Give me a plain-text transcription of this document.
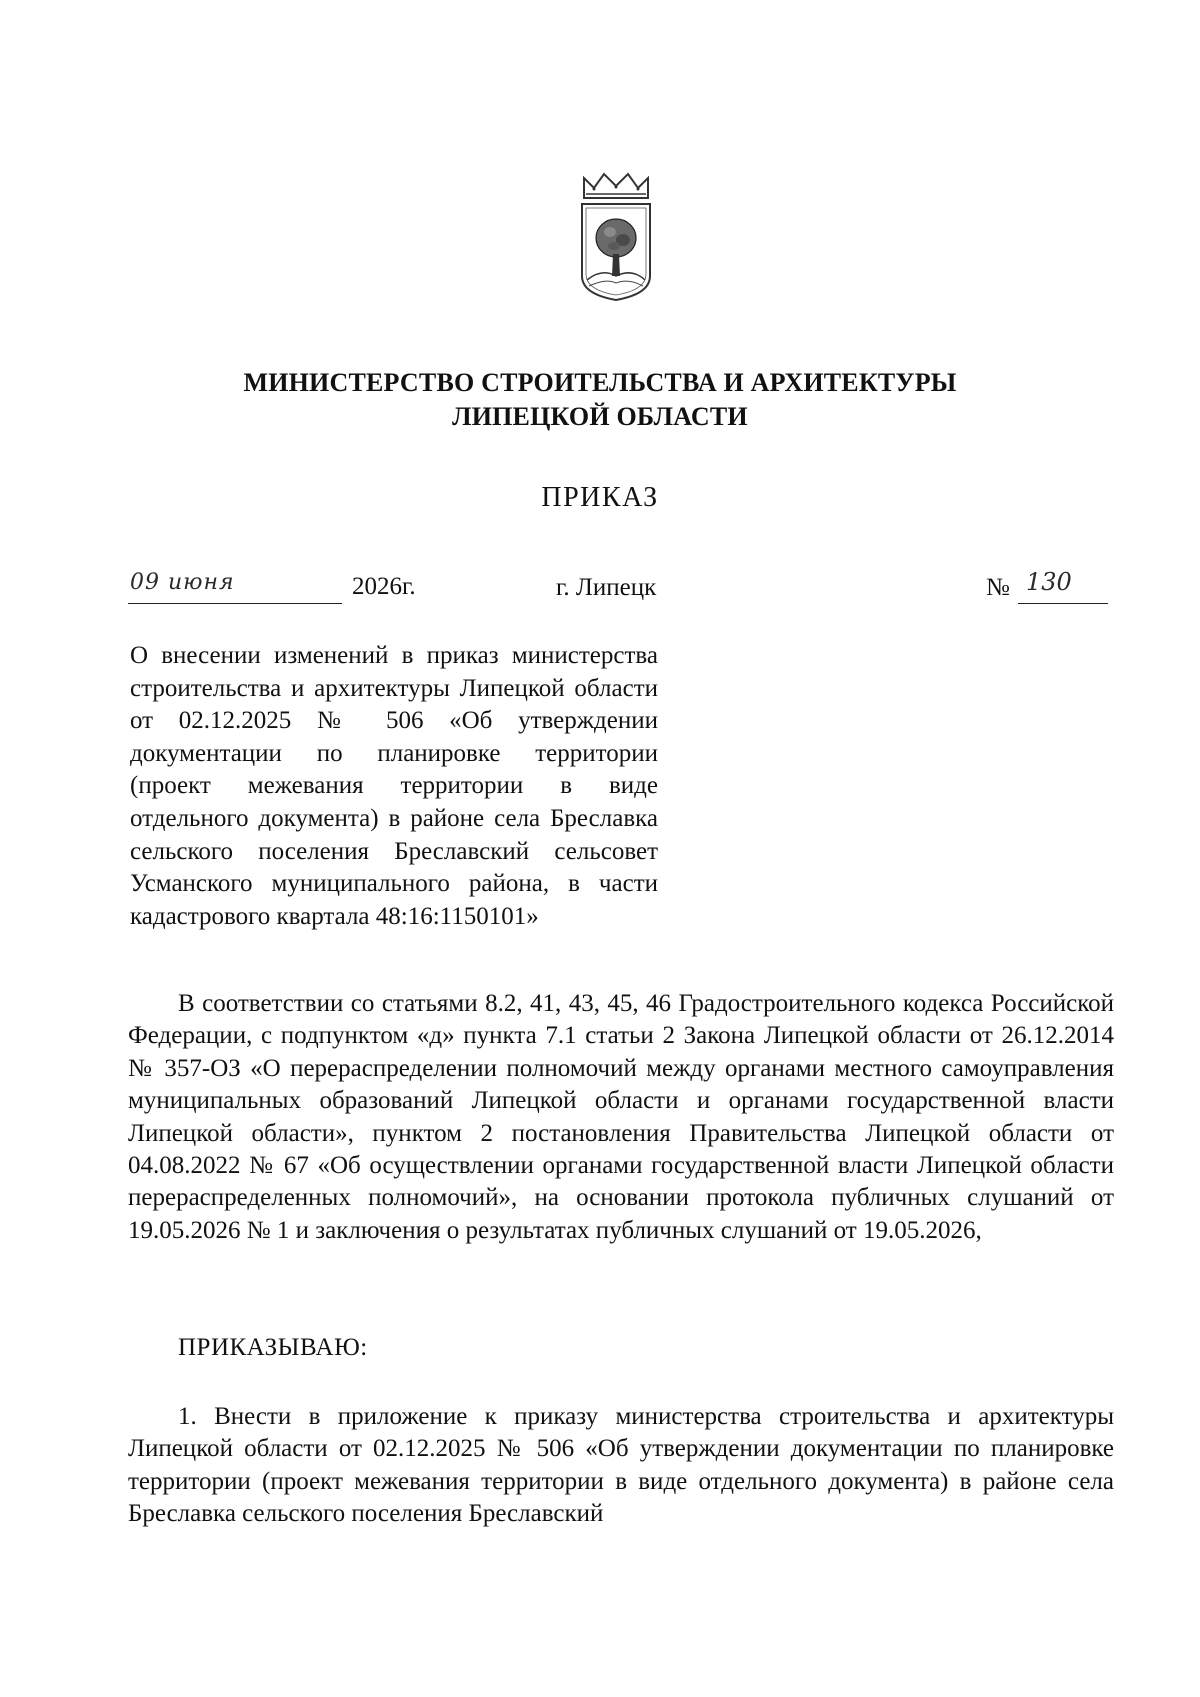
МИНИСТЕРСТВО СТРОИТЕЛЬСТВА И АРХИТЕКТУРЫ
ЛИПЕЦКОЙ ОБЛАСТИ
ПРИКАЗ
09 июня	2026г.	г. Липецк	№ 130
О внесении изменений в приказ министерства строительства и архитектуры Липецкой области от 02.12.2025 № 506 «Об утверждении документации по планировке территории (проект межевания территории в виде отдельного документа) в районе села Бреславка сельского поселения Бреславский сельсовет Усманского муниципального района, в части кадастрового квартала 48:16:1150101»
В соответствии со статьями 8.2, 41, 43, 45, 46 Градостроительного кодекса Российской Федерации, с подпунктом «д» пункта 7.1 статьи 2 Закона Липецкой области от 26.12.2014 № 357-ОЗ «О перераспределении полномочий между органами местного самоуправления муниципальных образований Липецкой области и органами государственной власти Липецкой области», пунктом 2 постановления Правительства Липецкой области от 04.08.2022 № 67 «Об осуществлении органами государственной власти Липецкой области перераспределенных полномочий», на основании протокола публичных слушаний от 19.05.2026 № 1 и заключения о результатах публичных слушаний от 19.05.2026,
ПРИКАЗЫВАЮ:
1. Внести в приложение к приказу министерства строительства и архитектуры Липецкой области от 02.12.2025 № 506 «Об утверждении документации по планировке территории (проект межевания территории в виде отдельного документа) в районе села Бреславка сельского поселения Бреславский
